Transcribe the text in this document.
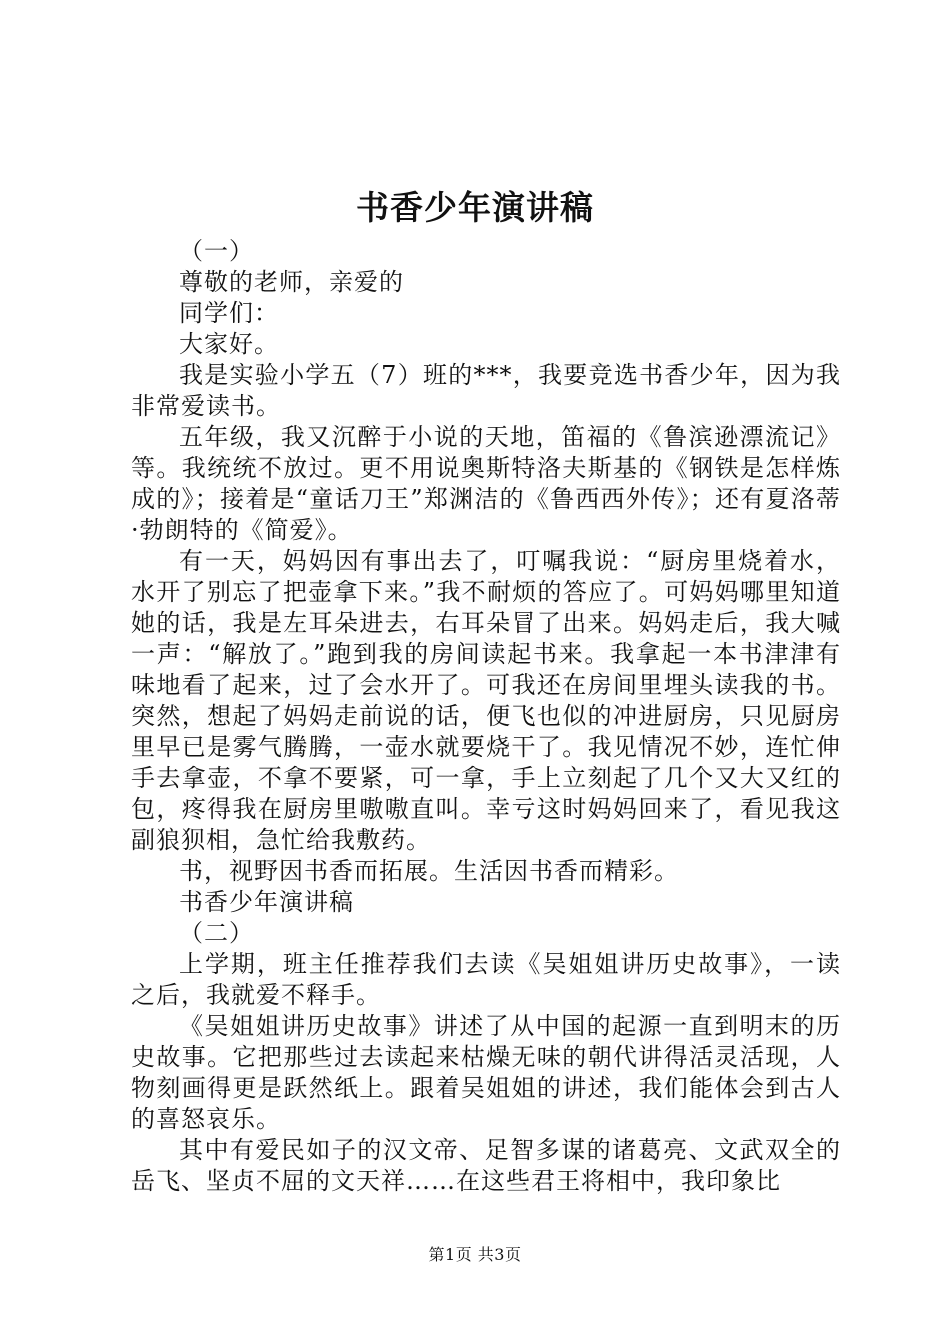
书香少年演讲稿

（一）

尊敬的老师，亲爱的

同学们：

大家好。

我是实验小学五（7）班的***，我要竞选书香少年，因为我非常爱读书。

五年级，我又沉醉于小说的天地，笛福的《鲁滨逊漂流记》等。我统统不放过。更不用说奥斯特洛夫斯基的《钢铁是怎样炼成的》；接着是“童话刀王”郑渊洁的《鲁西西外传》；还有夏洛蒂·勃朗特的《简爱》。

有一天，妈妈因有事出去了，叮嘱我说：“厨房里烧着水，水开了别忘了把壶拿下来。”我不耐烦的答应了。可妈妈哪里知道她的话，我是左耳朵进去，右耳朵冒了出来。妈妈走后，我大喊一声：“解放了。”跑到我的房间读起书来。我拿起一本书津津有味地看了起来，过了会水开了。可我还在房间里埋头读我的书。突然，想起了妈妈走前说的话，便飞也似的冲进厨房，只见厨房里早已是雾气腾腾，一壶水就要烧干了。我见情况不妙，连忙伸手去拿壶，不拿不要紧，可一拿，手上立刻起了几个又大又红的包，疼得我在厨房里嗷嗷直叫。幸亏这时妈妈回来了，看见我这副狼狈相，急忙给我敷药。

书，视野因书香而拓展。生活因书香而精彩。

书香少年演讲稿

（二）

上学期，班主任推荐我们去读《吴姐姐讲历史故事》，一读之后，我就爱不释手。

《吴姐姐讲历史故事》讲述了从中国的起源一直到明末的历史故事。它把那些过去读起来枯燥无味的朝代讲得活灵活现，人物刻画得更是跃然纸上。跟着吴姐姐的讲述，我们能体会到古人的喜怒哀乐。

其中有爱民如子的汉文帝、足智多谋的诸葛亮、文武双全的岳飞、坚贞不屈的文天祥……在这些君王将相中，我印象比

第1页 共3页
